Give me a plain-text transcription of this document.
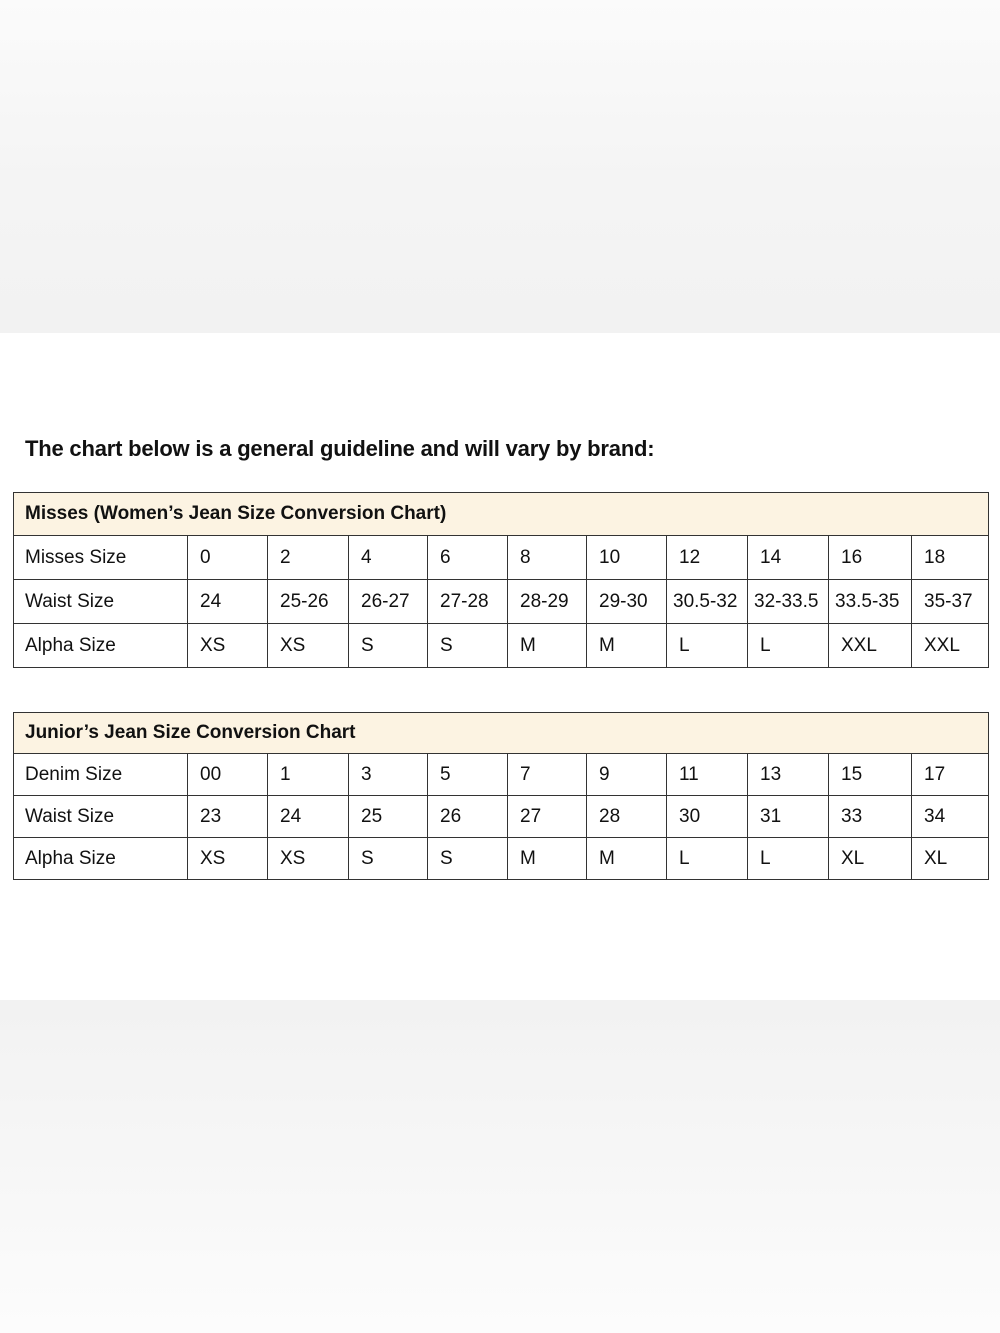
The chart below is a general guideline and will vary by brand:
Misses (Women’s Jean Size Conversion Chart)										
Misses Size	0	2	4	6	8	10	12	14	16	18
Waist Size	24	25-26	26-27	27-28	28-29	29-30	30.5-32	32-33.5	33.5-35	35-37
Alpha Size	XS	XS	S	S	M	M	L	L	XXL	XXL
Junior’s Jean Size Conversion Chart										
Denim Size	00	1	3	5	7	9	11	13	15	17
Waist Size	23	24	25	26	27	28	30	31	33	34
Alpha Size	XS	XS	S	S	M	M	L	L	XL	XL
